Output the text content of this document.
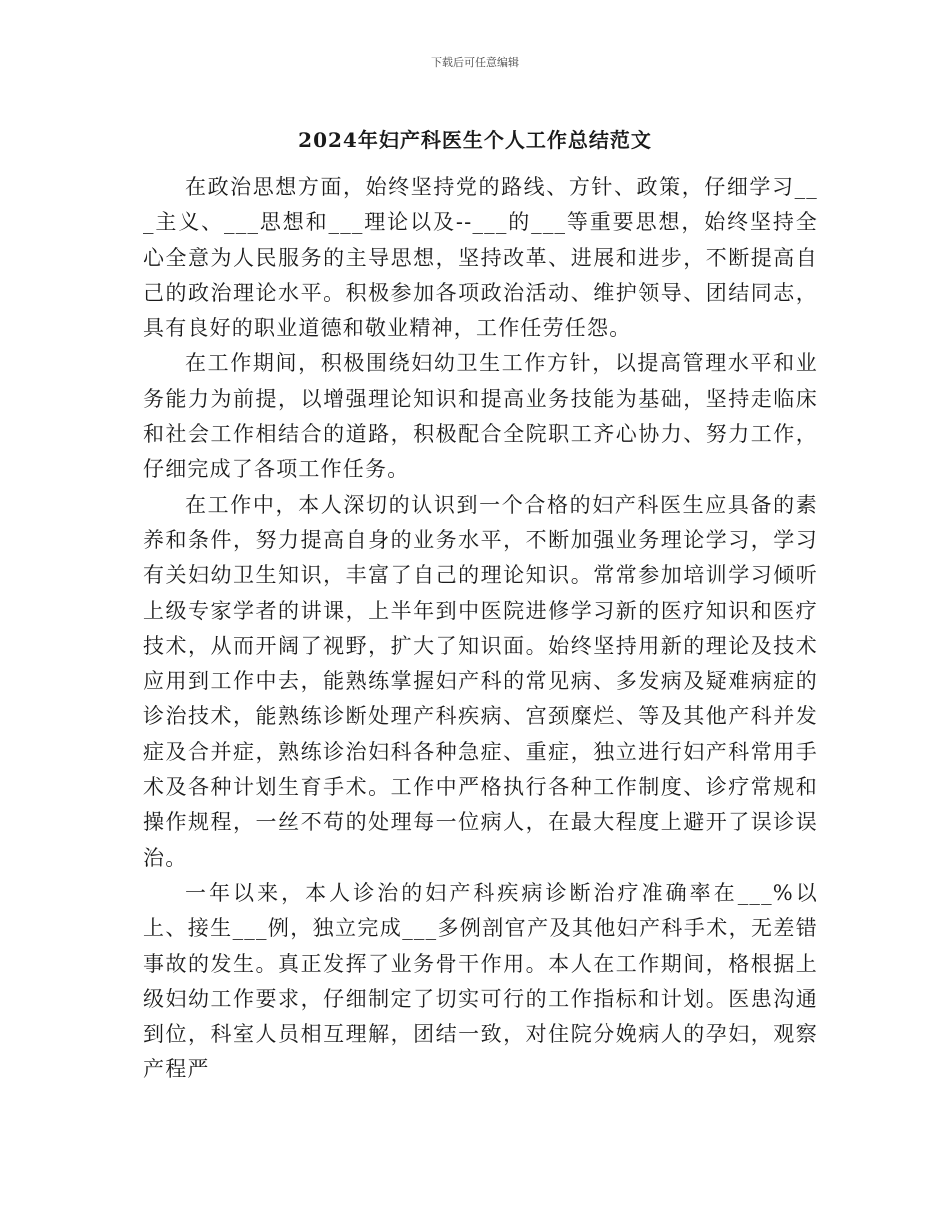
下载后可任意编辑
2024年妇产科医生个人工作总结范文

在政治思想方面，始终坚持党的路线、方针、政策，仔细学习___主义、___思想和___理论以及--___的___等重要思想，始终坚持全心全意为人民服务的主导思想，坚持改革、进展和进步，不断提高自己的政治理论水平。积极参加各项政治活动、维护领导、团结同志，具有良好的职业道德和敬业精神，工作任劳任怨。

在工作期间，积极围绕妇幼卫生工作方针，以提高管理水平和业务能力为前提，以增强理论知识和提高业务技能为基础，坚持走临床和社会工作相结合的道路，积极配合全院职工齐心协力、努力工作，仔细完成了各项工作任务。

在工作中，本人深切的认识到一个合格的妇产科医生应具备的素养和条件，努力提高自身的业务水平，不断加强业务理论学习，学习有关妇幼卫生知识，丰富了自己的理论知识。常常参加培训学习倾听上级专家学者的讲课，上半年到中医院进修学习新的医疗知识和医疗技术，从而开阔了视野，扩大了知识面。始终坚持用新的理论及技术应用到工作中去，能熟练掌握妇产科的常见病、多发病及疑难病症的诊治技术，能熟练诊断处理产科疾病、宫颈糜烂、等及其他产科并发症及合并症，熟练诊治妇科各种急症、重症，独立进行妇产科常用手术及各种计划生育手术。工作中严格执行各种工作制度、诊疗常规和操作规程，一丝不苟的处理每一位病人，在最大程度上避开了误诊误治。

一年以来，本人诊治的妇产科疾病诊断治疗准确率在___%以上、接生___例，独立完成___多例剖官产及其他妇产科手术，无差错事故的发生。真正发挥了业务骨干作用。本人在工作期间，格根据上级妇幼工作要求，仔细制定了切实可行的工作指标和计划。医患沟通到位，科室人员相互理解，团结一致，对住院分娩病人的孕妇，观察产程严
